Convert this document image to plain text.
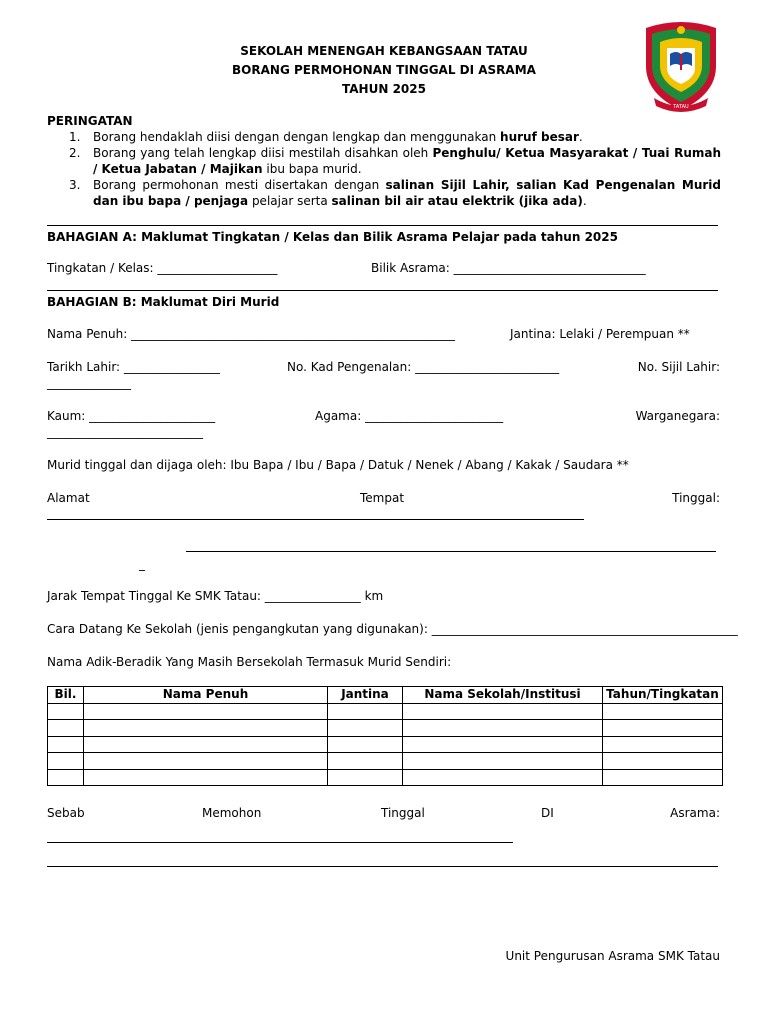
SEKOLAH MENENGAH KEBANGSAAN TATAU
BORANG PERMOHONAN TINGGAL DI ASRAMA
TAHUN 2025
TATAU
PERINGATAN
1. Borang hendaklah diisi dengan dengan lengkap dan menggunakan huruf besar.
2. Borang yang telah lengkap diisi mestilah disahkan oleh Penghulu/ Ketua Masyarakat / Tuai Rumah / Ketua Jabatan / Majikan ibu bapa murid.
3. Borang permohonan mesti disertakan dengan salinan Sijil Lahir, salian Kad Pengenalan Murid dan ibu bapa / penjaga pelajar serta salinan bil air atau elektrik (jika ada).
BAHAGIAN A: Maklumat Tingkatan / Kelas dan Bilik Asrama Pelajar pada tahun 2025
Tingkatan / Kelas: ____________________	Bilik Asrama: ________________________________
BAHAGIAN B: Maklumat Diri Murid
Nama Penuh: ______________________________________________________	Jantina: Lelaki / Perempuan **
Tarikh Lahir: ________________	No. Kad Pengenalan: ________________________	No. Sijil Lahir:
______________
Kaum: _____________________	Agama: _______________________	Warganegara:
__________________________
Murid tinggal dan dijaga oleh: Ibu Bapa / Ibu / Bapa / Datuk / Nenek / Abang / Kakak / Saudara **
Alamat	Tempat	Tinggal:
_
Jarak Tempat Tinggal Ke SMK Tatau: ________________ km
Cara Datang Ke Sekolah (jenis pengangkutan yang digunakan): ___________________________________________________
Nama Adik-Beradik Yang Masih Bersekolah Termasuk Murid Sendiri:
Bil.	Nama Penuh	Jantina	Nama Sekolah/Institusi	Tahun/Tingkatan

Sebab	Memohon	Tinggal	DI	Asrama:
Unit Pengurusan Asrama SMK Tatau
